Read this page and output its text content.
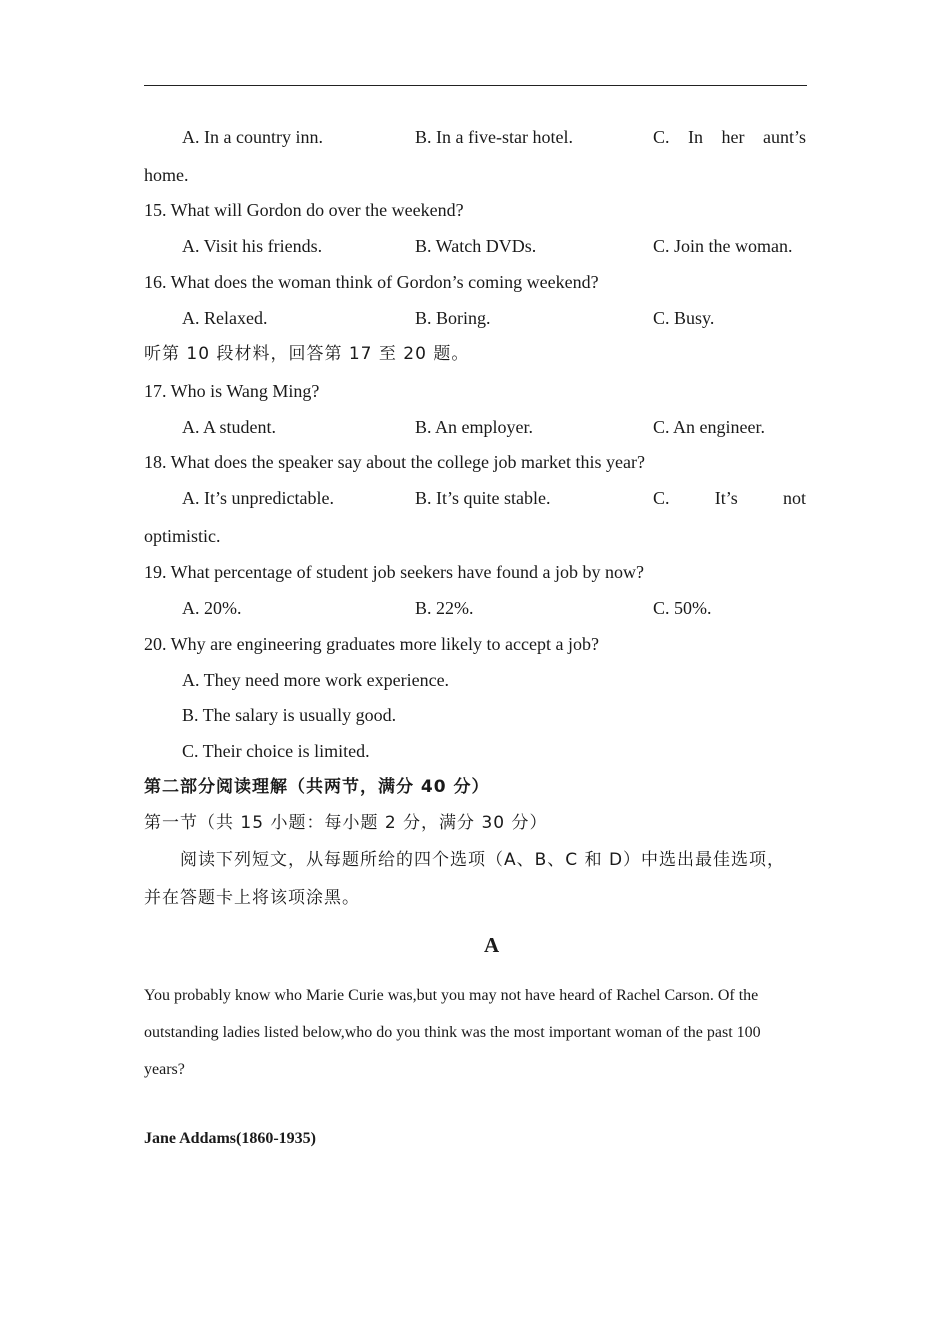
A. In a country inn.	B. In a five-star hotel.	C. In her aunt’s
home.
15. What will Gordon do over the weekend?
A. Visit his friends.	B. Watch DVDs.	C. Join the woman.
16. What does the woman think of Gordon’s coming weekend?
A. Relaxed.	B. Boring.	C. Busy.
听第 10 段材料，回答第 17 至 20 题。
17. Who is Wang Ming?
A. A student.	B. An employer.	C. An engineer.
18. What does the speaker say about the college job market this year?
A. It’s unpredictable.	B. It’s quite stable.	C.	It’s	not
optimistic.
19. What percentage of student job seekers have found a job by now?
A. 20%.	B. 22%.	C. 50%.
20. Why are engineering graduates more likely to accept a job?
A. They need more work experience.
B. The salary is usually good.
C. Their choice is limited.
第二部分阅读理解（共两节，满分 40 分）
第一节（共 15 小题：每小题 2 分，满分 30 分）
阅读下列短文，从每题所给的四个选项（A、B、C 和 D）中选出最佳选项，
并在答题卡上将该项涂黑。
A
You probably know who Marie Curie was,but you may not have heard of Rachel Carson. Of the
outstanding ladies listed below,who do you think was the most important woman of the past 100
years?
Jane Addams(1860-1935)
